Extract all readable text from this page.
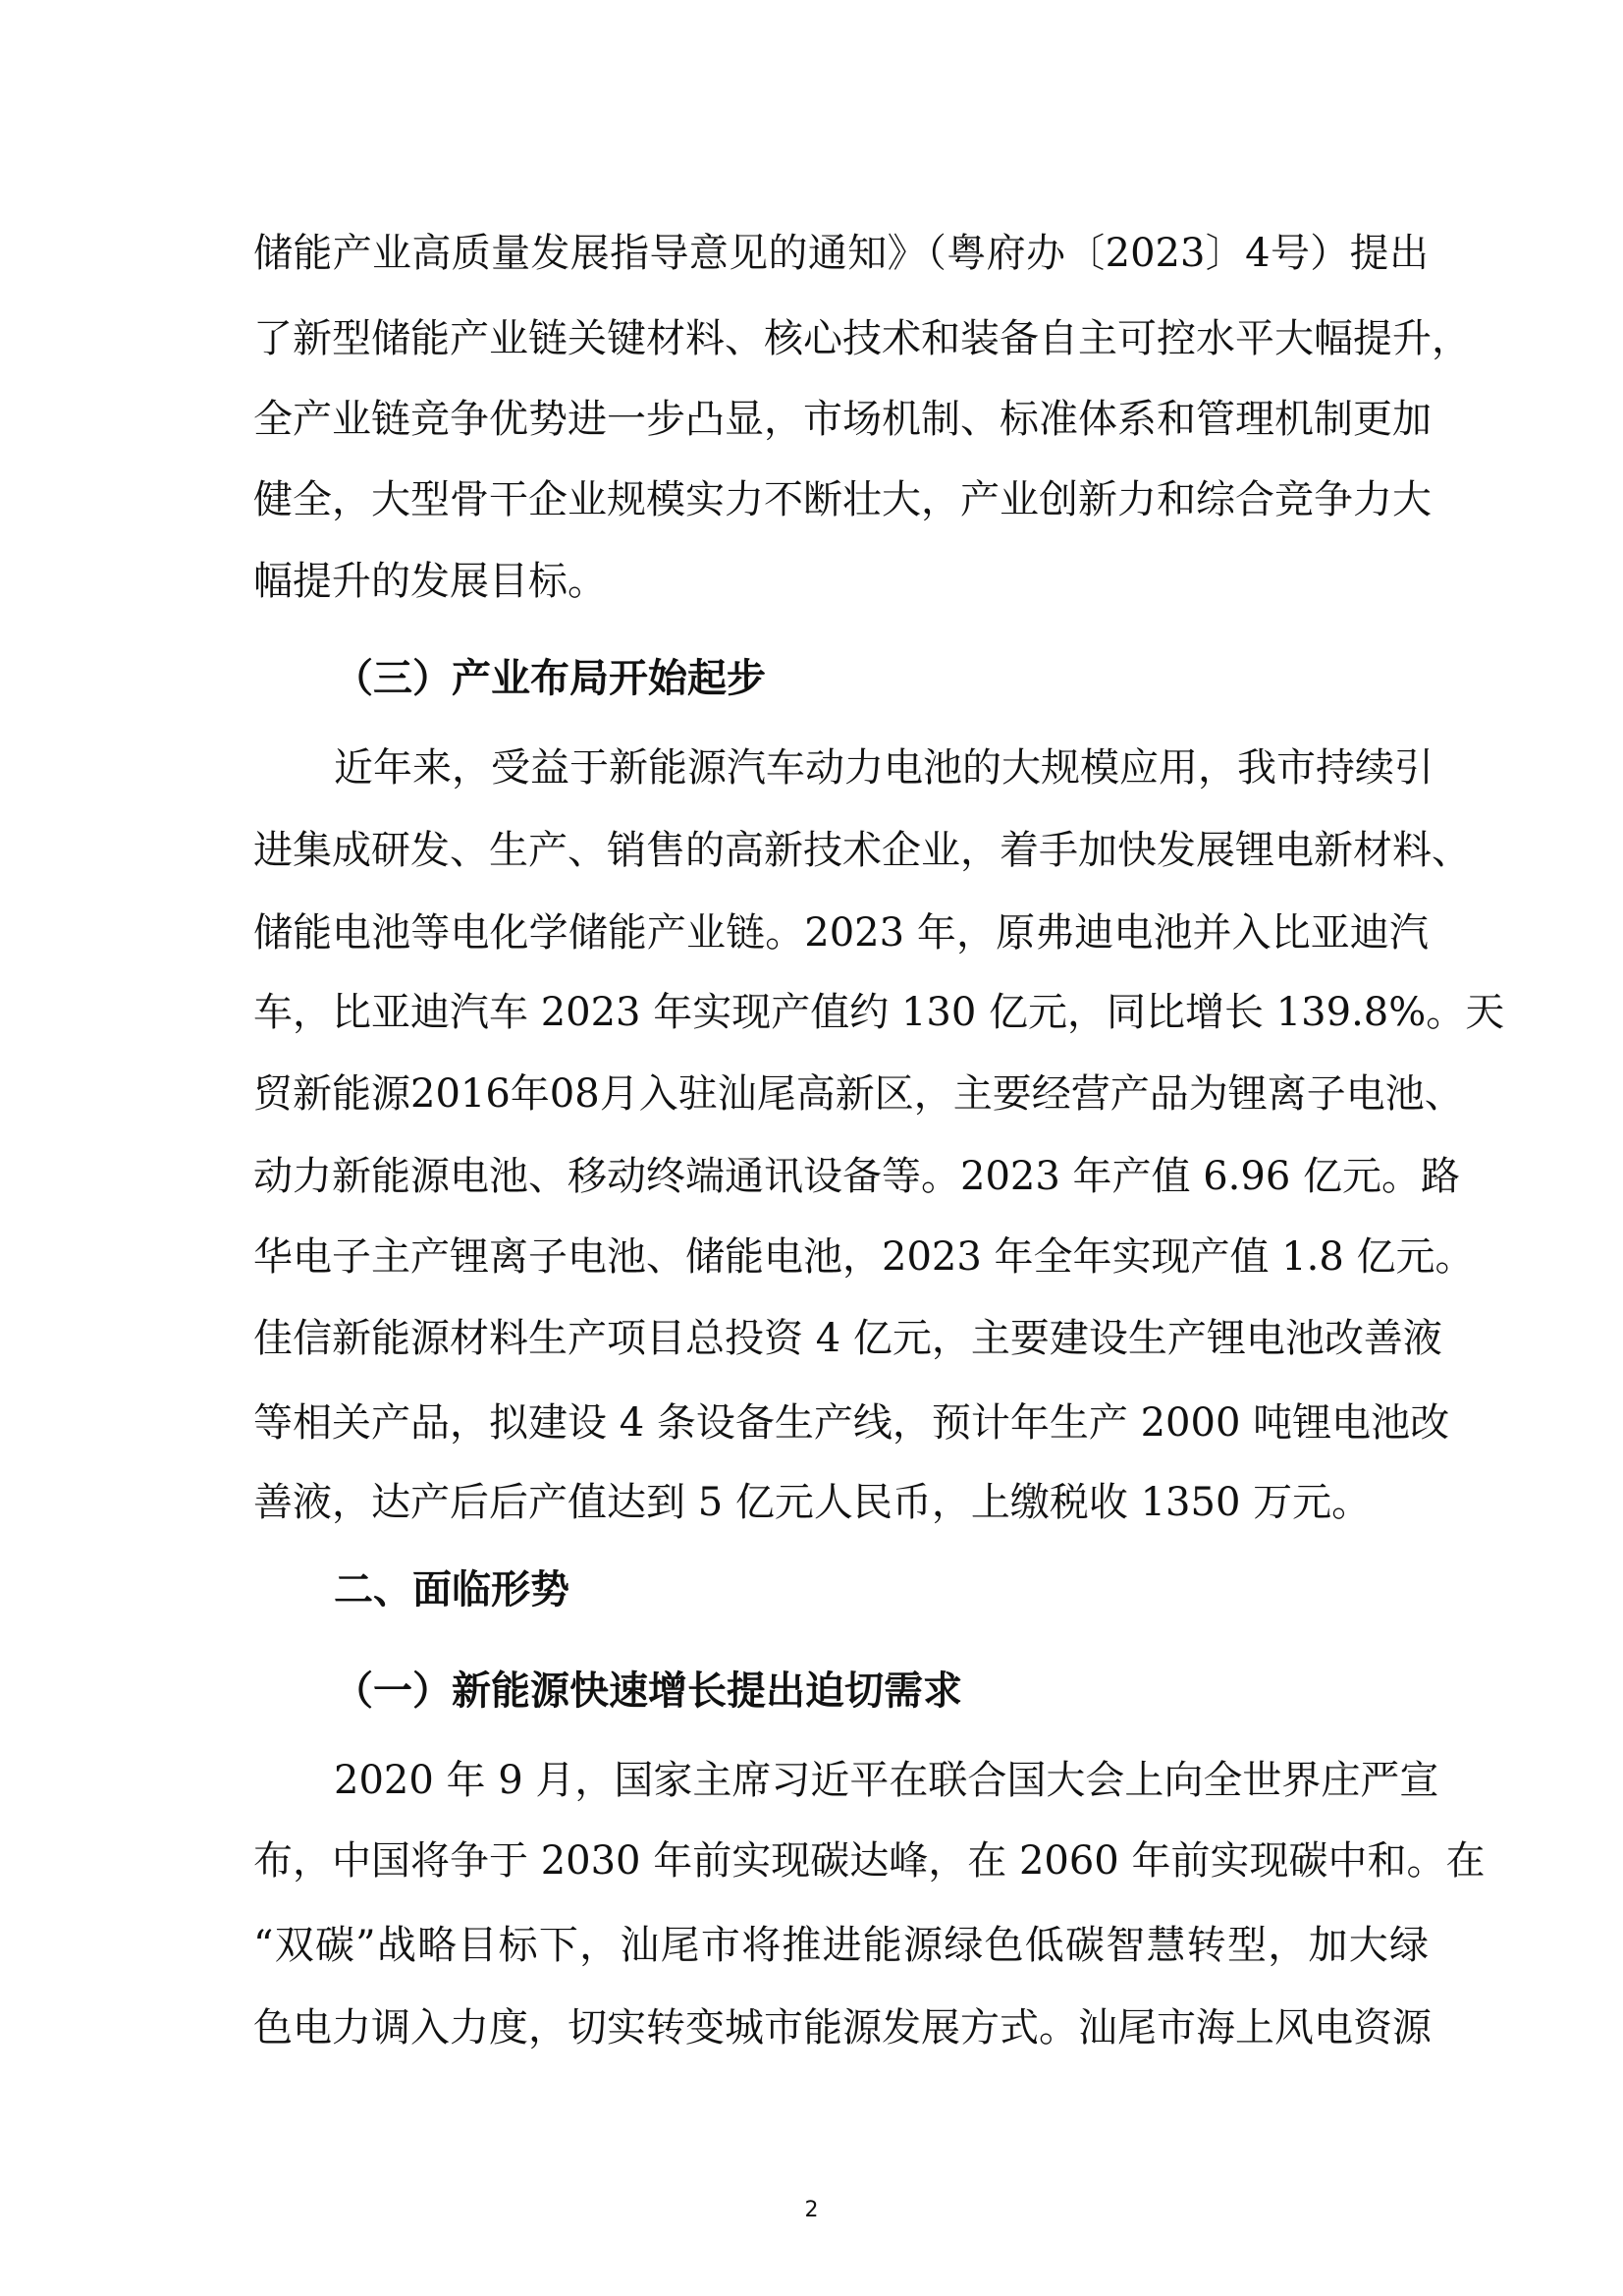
储能产业高质量发展指导意见的通知》（粤府办〔2023〕4号）提出
了新型储能产业链关键材料、核心技术和装备自主可控水平大幅提升，
全产业链竞争优势进一步凸显，市场机制、标准体系和管理机制更加
健全，大型骨干企业规模实力不断壮大，产业创新力和综合竞争力大
幅提升的发展目标。
（三）产业布局开始起步
近年来，受益于新能源汽车动力电池的大规模应用，我市持续引
进集成研发、生产、销售的高新技术企业，着手加快发展锂电新材料、
储能电池等电化学储能产业链。2023 年，原弗迪电池并入比亚迪汽
车，比亚迪汽车 2023 年实现产值约 130 亿元，同比增长 139.8%。天
贸新能源2016年08月入驻汕尾高新区，主要经营产品为锂离子电池、
动力新能源电池、移动终端通讯设备等。2023 年产值 6.96 亿元。路
华电子主产锂离子电池、储能电池，2023 年全年实现产值 1.8 亿元。
佳信新能源材料生产项目总投资 4 亿元，主要建设生产锂电池改善液
等相关产品，拟建设 4 条设备生产线，预计年生产 2000 吨锂电池改
善液，达产后后产值达到 5 亿元人民币，上缴税收 1350 万元。
二、面临形势
（一）新能源快速增长提出迫切需求
2020 年 9 月，国家主席习近平在联合国大会上向全世界庄严宣
布，中国将争于 2030 年前实现碳达峰，在 2060 年前实现碳中和。在
“双碳”战略目标下，汕尾市将推进能源绿色低碳智慧转型，加大绿
色电力调入力度，切实转变城市能源发展方式。汕尾市海上风电资源
2
